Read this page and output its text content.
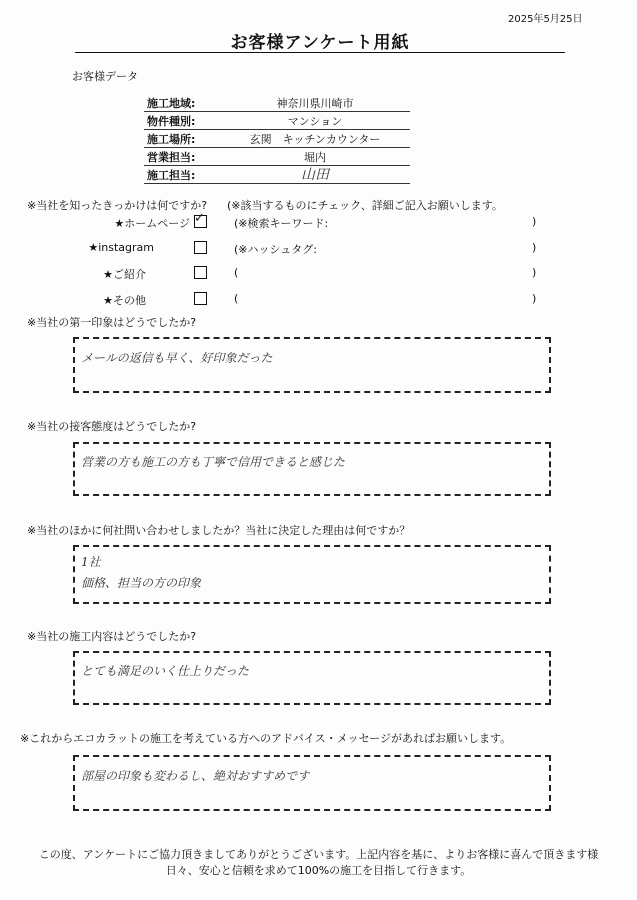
2025年5月25日
お客様アンケート用紙
お客様データ
施工地域:	神奈川県川崎市
物件種別:	マンション
施工場所:	玄関　キッチンカウンター
営業担当:	堀内
施工担当:	山田
※当社を知ったきっかけは何ですか? (※該当するものにチェック、詳細ご記入お願いします。
★ホームページ ✓	(※検索キーワード:	)
★instagram	(※ハッシュタグ:	)
★ご紹介	(	)
★その他	(	)
※当社の第一印象はどうでしたか?
メールの返信も早く、好印象だった
※当社の接客態度はどうでしたか?
営業の方も施工の方も丁寧で信用できると感じた
※当社のほかに何社問い合わせしましたか？当社に決定した理由は何ですか？
1社
価格、担当の方の印象
※当社の施工内容はどうでしたか?
とても満足のいく仕上りだった
※これからエコカラットの施工を考えている方へのアドバイス・メッセージがあればお願いします。
部屋の印象も変わるし、絶対おすすめです
この度、アンケートにご協力頂きましてありがとうございます。上記内容を基に、よりお客様に喜んで頂きます様
日々、安心と信頼を求めて100%の施工を目指して行きます。
